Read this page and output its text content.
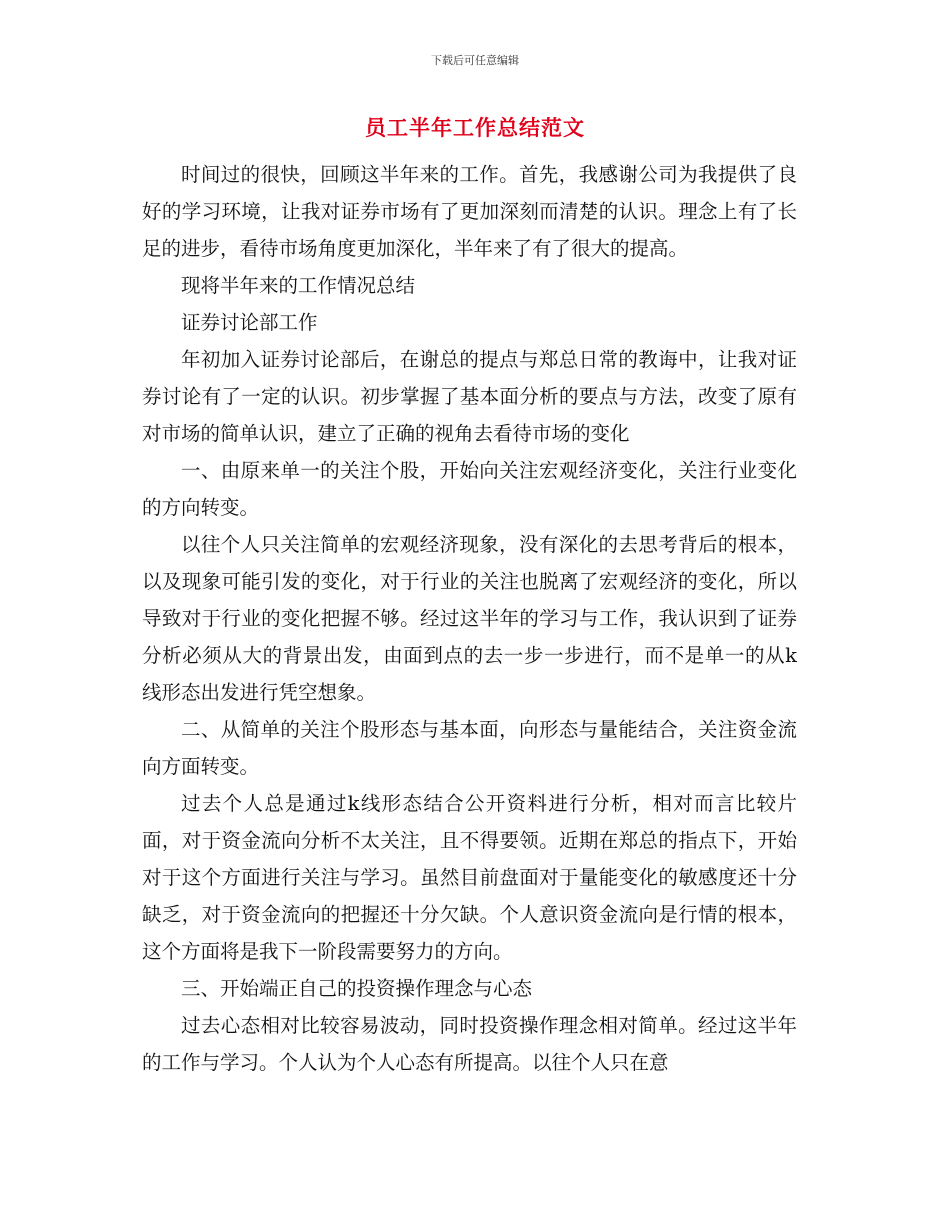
下载后可任意编辑
员工半年工作总结范文

时间过的很快，回顾这半年来的工作。首先，我感谢公司为我提供了良好的学习环境，让我对证券市场有了更加深刻而清楚的认识。理念上有了长足的进步，看待市场角度更加深化，半年来了有了很大的提高。

现将半年来的工作情况总结

证券讨论部工作

年初加入证券讨论部后，在谢总的提点与郑总日常的教诲中，让我对证券讨论有了一定的认识。初步掌握了基本面分析的要点与方法，改变了原有对市场的简单认识，建立了正确的视角去看待市场的变化

一、由原来单一的关注个股，开始向关注宏观经济变化，关注行业变化的方向转变。

以往个人只关注简单的宏观经济现象，没有深化的去思考背后的根本，以及现象可能引发的变化，对于行业的关注也脱离了宏观经济的变化，所以导致对于行业的变化把握不够。经过这半年的学习与工作，我认识到了证券分析必须从大的背景出发，由面到点的去一步一步进行，而不是单一的从k线形态出发进行凭空想象。

二、从简单的关注个股形态与基本面，向形态与量能结合，关注资金流向方面转变。

过去个人总是通过k线形态结合公开资料进行分析，相对而言比较片面，对于资金流向分析不太关注，且不得要领。近期在郑总的指点下，开始对于这个方面进行关注与学习。虽然目前盘面对于量能变化的敏感度还十分缺乏，对于资金流向的把握还十分欠缺。个人意识资金流向是行情的根本，这个方面将是我下一阶段需要努力的方向。

三、开始端正自己的投资操作理念与心态

过去心态相对比较容易波动，同时投资操作理念相对简单。经过这半年的工作与学习。个人认为个人心态有所提高。以往个人只在意
